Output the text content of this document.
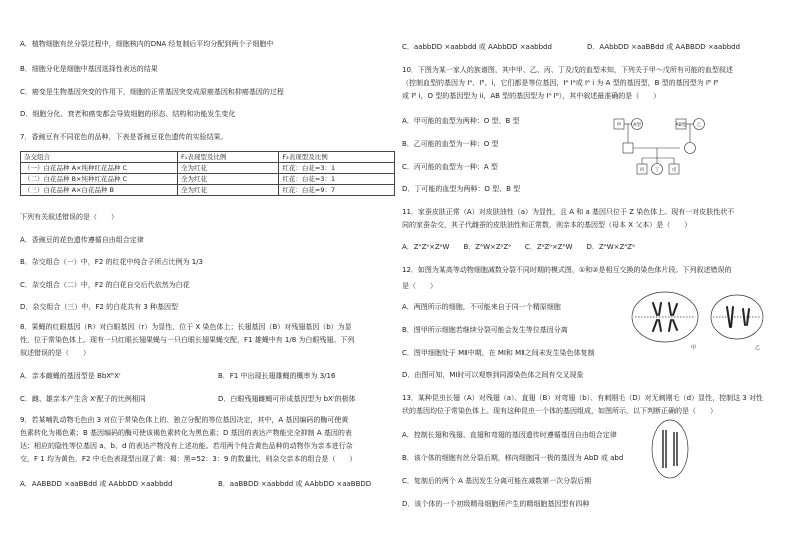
A．植物细胞有丝分裂过程中，细胞核内的DNA 经复制后平均分配到两个子细胞中
B．细胞分化是细胞中基因选择性表达的结果
C．癌变是生物基因突变的作用下，细胞的正常基因突变成原癌基因和抑癌基因的过程
D．细胞分化、衰老和癌变都会导致细胞的形态、结构和功能发生变化
7．香豌豆有不同花色的品种，下表是香豌豆花色遗传的实验结果。
杂交组合	F₁表现型及比例	F₂表现型及比例
（一）白花品种 A×纯种红花品种 C	全为红花	红花：白花=3：1
（二）白花品种 B×纯种红花品种 C	全为红花	红花：白花=3：1
（三）白花品种 A×白花品种 B	全为红花	红花：白花=9：7
下列有关叙述错误的是（　　）
A．香豌豆的花色遗传遵循自由组合定律
B．杂交组合（一）中，F2 的红花中纯合子所占比例为 1/3
C．杂交组合（二）中，F2 的白花自交后代依然为白花
D．杂交组合（三）中，F2 的白花共有 3 种基因型
8．果蝇的红眼基因（R）对白眼基因（r）为显性，位于 X 染色体上；长翅基因（B）对残翅基因（b）为显
性，位于常染色体上。现有一只红眼长翅果蝇与一只白眼长翅果蝇交配，F1 雄蝇中有 1/8 为白眼残翅。下列
叙述错误的是（　　）
A．亲本雌蝇的基因型是 BbXᴿXʳ	B．F1 中出现长翅雄蝇的概率为 3/16
C．雌、雄亲本产生含 Xʳ配子的比例相同	D．白眼残翅雌蝇可形成基因型为 bXʳ的极体
9．若某哺乳动物毛色由 3 对位于常染色体上的、独立分配的等位基因决定，其中，A 基因编码的酶可使黄
色素转化为褐色素；B 基因编码的酶可使该褐色素转化为黑色素；D 基因的表达产物能完全抑制 A 基因的表
达；相应的隐性等位基因 a、b、d 的表达产物没有上述功能。若用两个纯合黄色品种的动物作为亲本进行杂
交，F 1 均为黄色，F2 中毛色表现型出现了黄：褐：黑=52：3：9 的数量比，则杂交亲本的组合是（　　）
A．AABBDD ×aaBBdd 或 AAbbDD ×aabbdd	B．aaBBDD ×aabbdd 或 AAbbDD ×aaBBDD
C．aabbDD ×aabbdd 或 AAbbDD ×aabbdd	D．AAbbDD ×aaBBdd 或 AABBDD ×aabbdd
10．下图为某一家人的族谱图，其中甲、乙、丙、丁及戊的血型未知，下列关于甲～戊所有可能的血型叙述
（控制血型的基因为 Iᴬ、Iᴮ、i，它们都是等位基因，Iᴬ Iᴬ或 Iᴬ i 为 A 型的基因型，B 型的基因型为 Iᴮ Iᴮ
或 Iᴮ i，O 型的基因型为 ii，AB 型的基因型为 Iᴬ Iᴮ），其中叙述最准确的是（　　）
A．甲可能的血型为两种：O 型、B 型
B．乙可能的血型为一种：O 型
C．丙可能的血型为一种：A 型
D．丁可能的血型为两种：O 型、B 型
甲	A型	AB型 乙
丙 丁	戊
11．家蚕皮肤正常（A）对皮肤油性（a）为显性，且 A 和 a 基因只位于 Z 染色体上。现有一对皮肤性状不
同的家蚕杂交，其子代雌蚕的皮肤油性和正常数，则亲本的基因型（母本 X 父本）是（　　）
A．ZᴬZᵃ×ZᵃW　　B．ZᴬW×ZᵃZᵃ　　C．ZᵃZᵃ×ZᴬW　　D．ZᴬW×ZᴬZᵃ
12．如图为某高等动物细胞减数分裂不同时期的模式图，①和②是相互交换的染色体片段。下列叙述错误的
是（　　）
A．两图所示的细胞，不可能来自于同一个精原细胞
B．图甲所示细胞若继续分裂可能会发生等位基因分离
C．图甲细胞处于 MⅡ中期，在 MⅠ和 MⅡ之间未发生染色体复制
D．由图可知，MⅠ时可以观察到同源染色体之间有交叉现象
甲	乙
13．某种昆虫长翅（A）对残翅（a）、直翅（B）对弯翅（b）、有刺刚毛（D）对无刺刚毛（d）显性，控制这 3 对性
状的基因均位于常染色体上。现有这种昆虫一个体的基因组成，如图所示，以下判断正确的是（　　）
A．控制长翅和残翅、直翅和弯翅的基因遗传时遵循基因自由组合定律
B．该个体的细胞有丝分裂后期，移向细胞同一极的基因为 AbD 或 abd
C．复制后的两个 A 基因发生分离可能在减数第一次分裂后期
D．该个体的一个初级精母细胞所产生的精细胞基因型有四种
